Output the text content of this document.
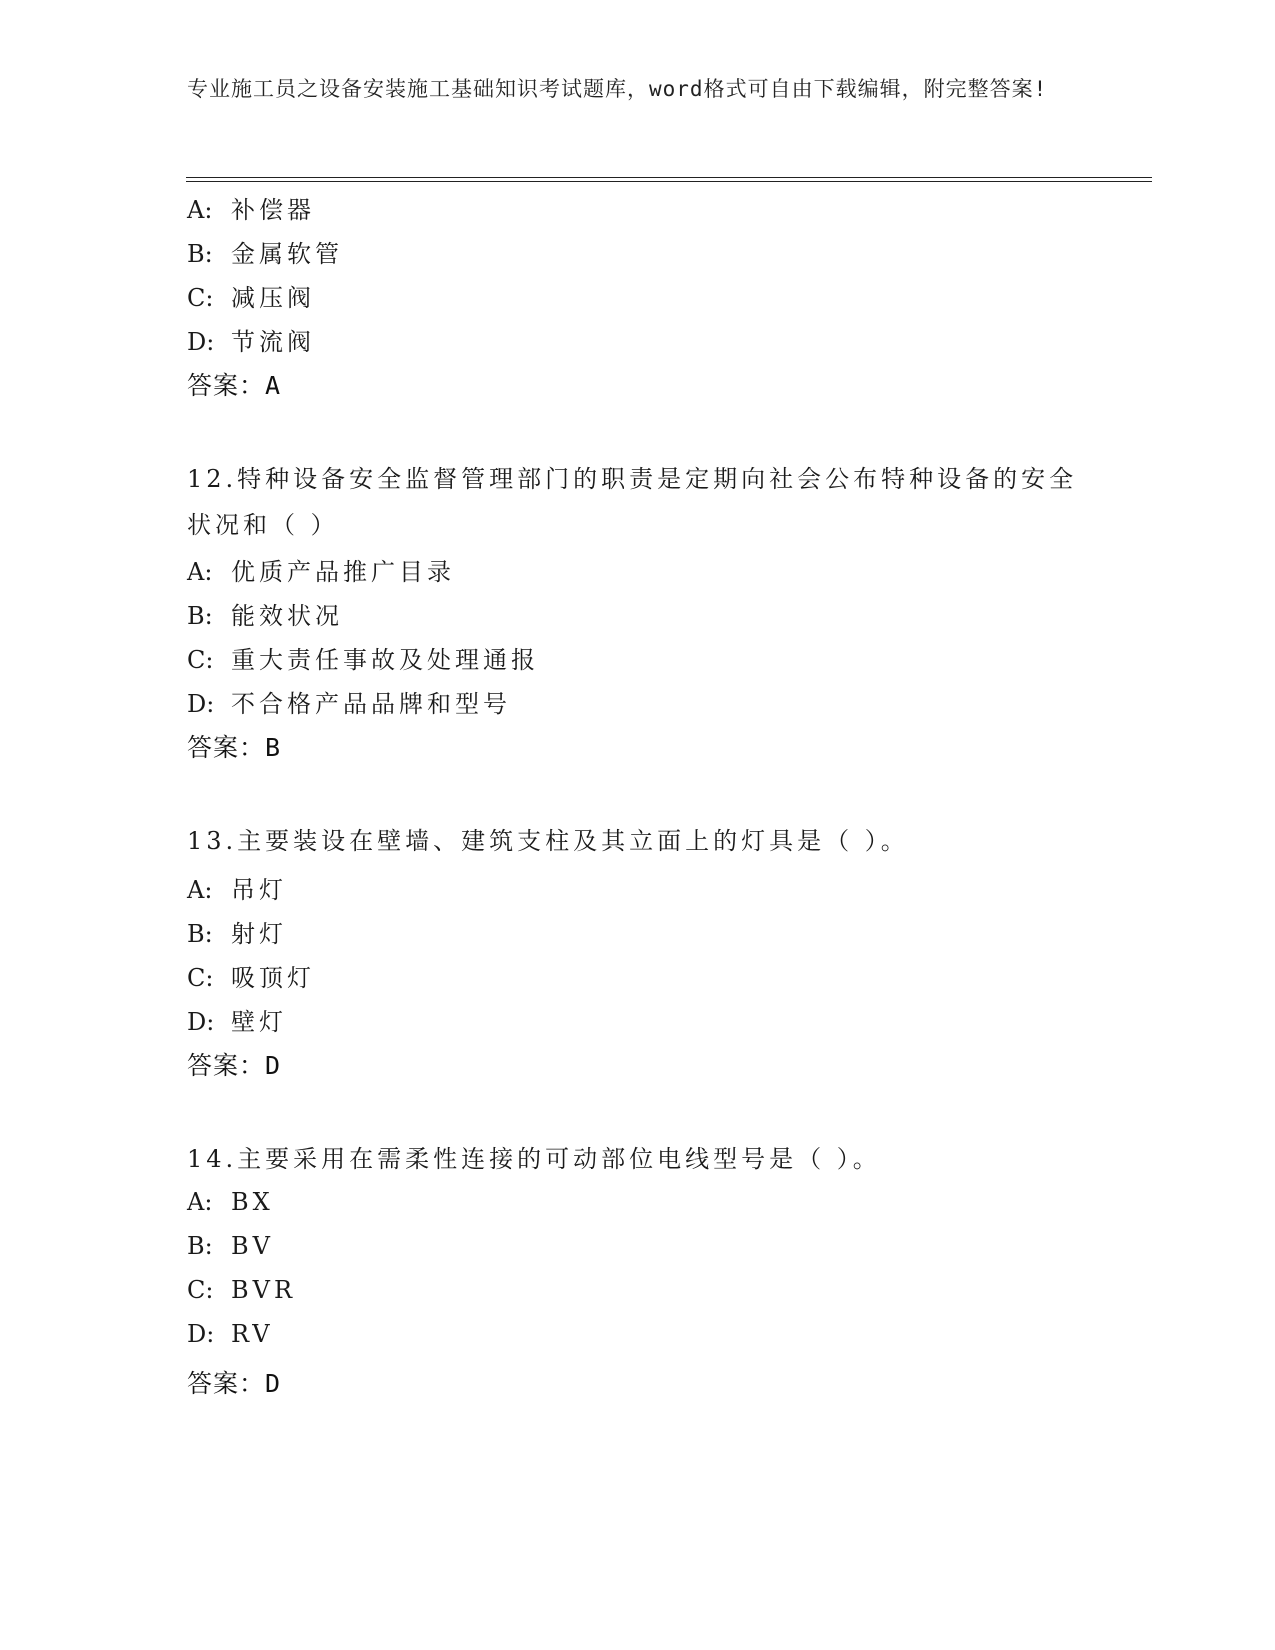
专业施工员之设备安装施工基础知识考试题库，word格式可自由下载编辑，附完整答案!
A: 补偿器
B: 金属软管
C: 减压阀
D: 节流阀
答案：A
12.特种设备安全监督管理部门的职责是定期向社会公布特种设备的安全状况和（ ）
A: 优质产品推广目录
B: 能效状况
C: 重大责任事故及处理通报
D: 不合格产品品牌和型号
答案：B
13.主要装设在壁墙、建筑支柱及其立面上的灯具是（ ）。
A: 吊灯
B: 射灯
C: 吸顶灯
D: 壁灯
答案：D
14.主要采用在需柔性连接的可动部位电线型号是（ ）。
A: BX
B: BV
C: BVR
D: RV
答案：D
